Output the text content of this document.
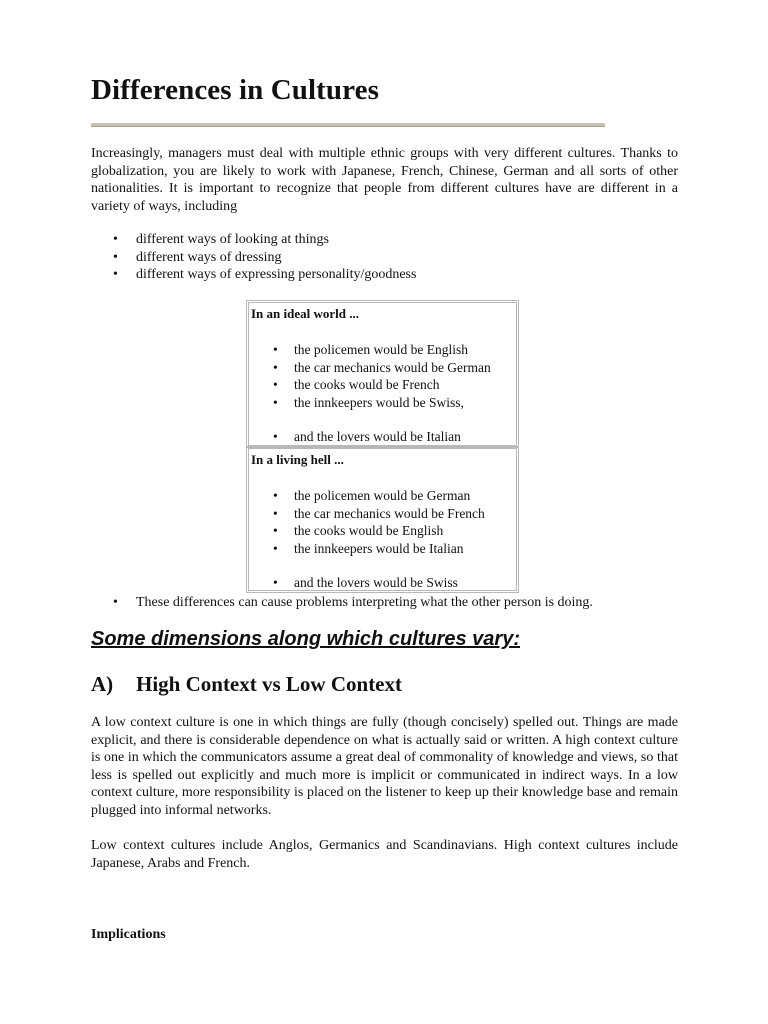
Differences in Cultures

Increasingly, managers must deal with multiple ethnic groups with very different cultures. Thanks to globalization, you are likely to work with Japanese, French, Chinese, German and all sorts of other nationalities. It is important to recognize that people from different cultures have are different in a variety of ways, including

• different ways of looking at things
• different ways of dressing
• different ways of expressing personality/goodness
In an ideal world ...
• the policemen would be English
• the car mechanics would be German
• the cooks would be French
• the innkeepers would be Swiss,
• and the lovers would be Italian
In a living hell ...
• the policemen would be German
• the car mechanics would be French
• the cooks would be English
• the innkeepers would be Italian
• and the lovers would be Swiss
• These differences can cause problems interpreting what the other person is doing.
Some dimensions along which cultures vary:
A) High Context vs Low Context

A low context culture is one in which things are fully (though concisely) spelled out. Things are made explicit, and there is considerable dependence on what is actually said or written. A high context culture is one in which the communicators assume a great deal of commonality of knowledge and views, so that less is spelled out explicitly and much more is implicit or communicated in indirect ways. In a low context culture, more responsibility is placed on the listener to keep up their knowledge base and remain plugged into informal networks.

Low context cultures include Anglos, Germanics and Scandinavians. High context cultures include Japanese, Arabs and French.

Implications
